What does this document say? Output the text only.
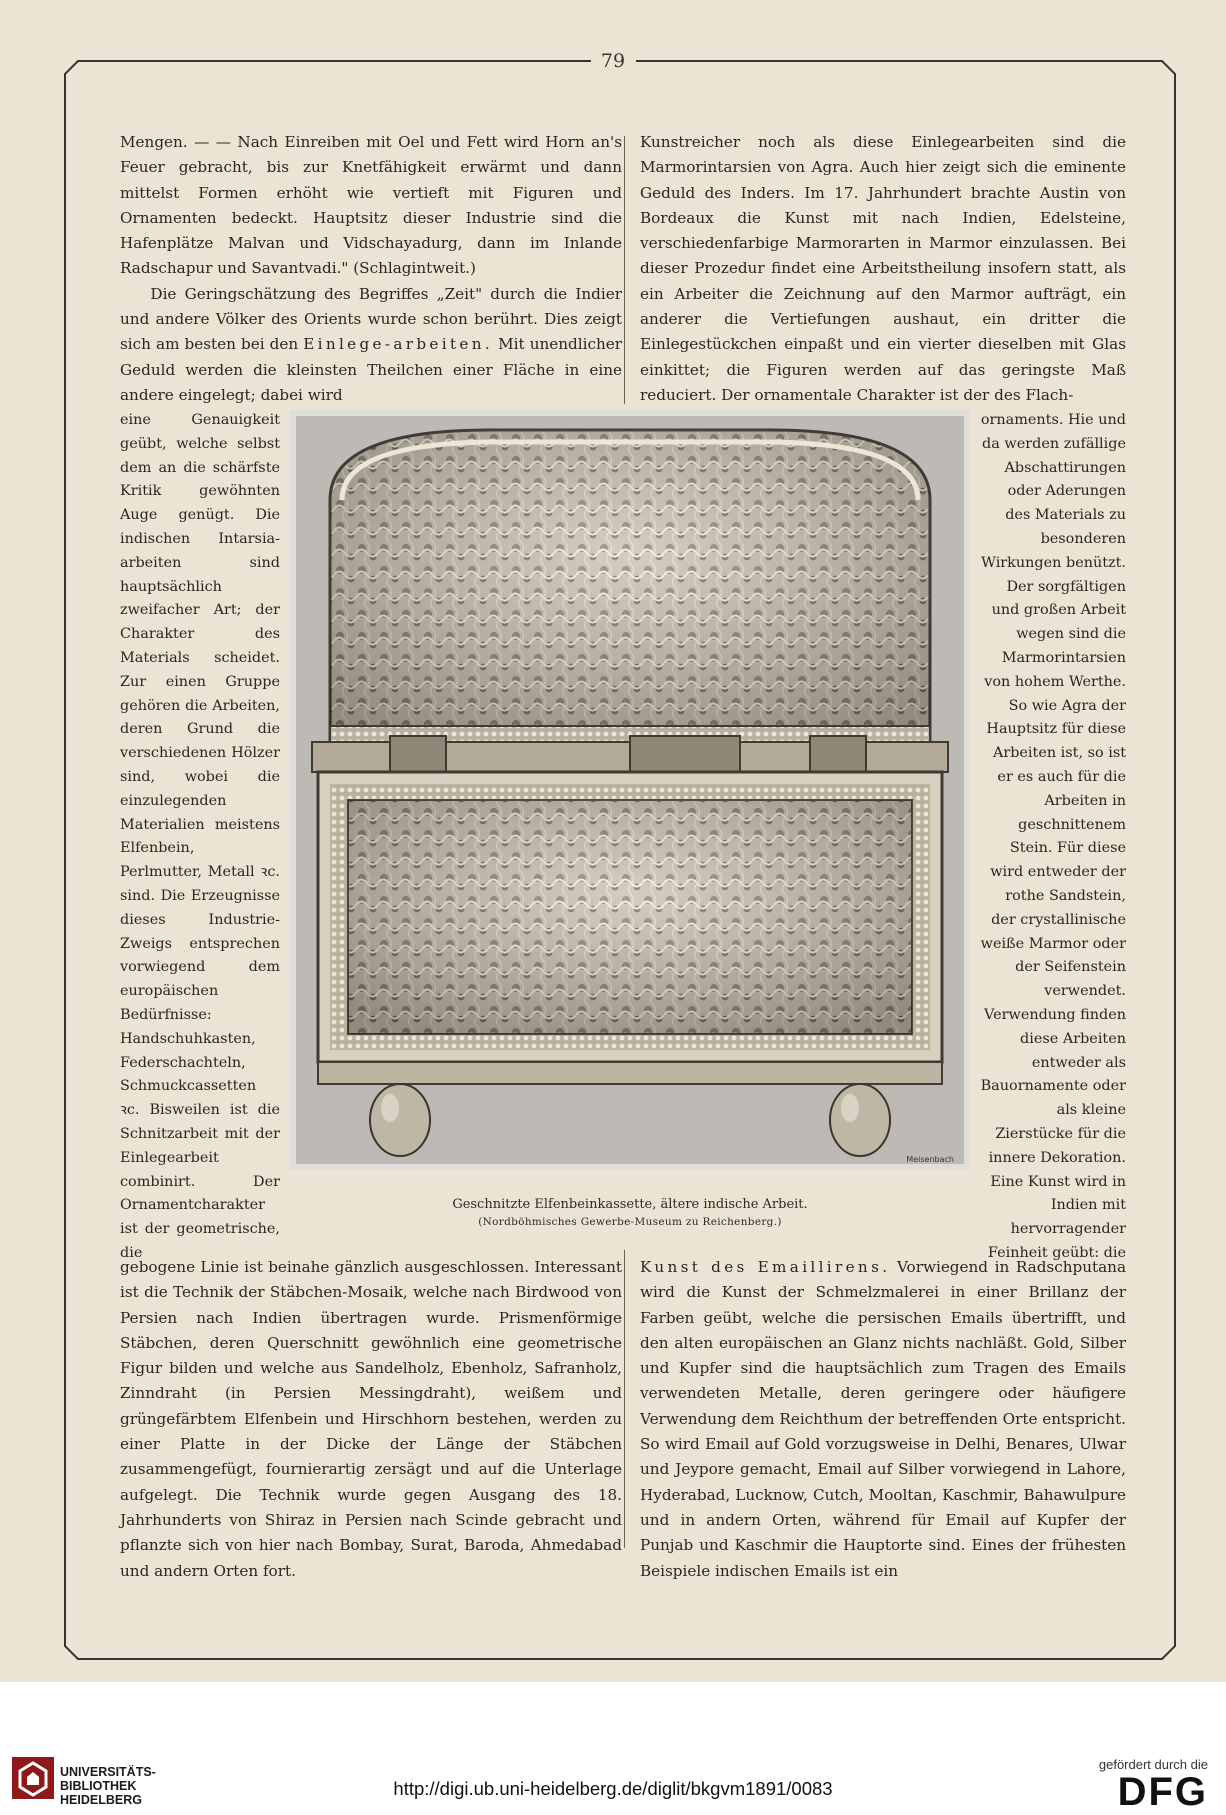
79

Mengen. — — Nach Einreiben mit Oel und Fett wird Horn an's Feuer gebracht, bis zur Knetfähigkeit erwärmt und dann mittelst Formen erhöht wie vertieft mit Figuren und Ornamenten bedeckt. Hauptsitz dieser Industrie sind die Hafenplätze Malvan und Vidschayadurg, dann im Inlande Radschapur und Savantvadi." (Schlagintweit.)

Die Geringschätzung des Begriffes „Zeit" durch die Indier und andere Völker des Orients wurde schon berührt. Dies zeigt sich am besten bei den Einlege-arbeiten. Mit unendlicher Geduld werden die kleinsten Theilchen einer Fläche in eine andere eingelegt; dabei wird

Kunstreicher noch als diese Einlegearbeiten sind die Marmorintarsien von Agra. Auch hier zeigt sich die eminente Geduld des Inders. Im 17. Jahrhundert brachte Austin von Bordeaux die Kunst mit nach Indien, Edelsteine, verschiedenfarbige Marmorarten in Marmor einzulassen. Bei dieser Prozedur findet eine Arbeitstheilung insofern statt, als ein Arbeiter die Zeichnung auf den Marmor aufträgt, ein anderer die Vertiefungen aushaut, ein dritter die Einlegestückchen einpaßt und ein vierter dieselben mit Glas einkittet; die Figuren werden auf das geringste Maß reduciert. Der ornamentale Charakter ist der des Flach-

eine Genauigkeit geübt, welche selbst dem an die schärfste Kritik gewöhnten Auge genügt. Die indischen Intarsia-arbeiten sind hauptsächlich zweifacher Art; der Charakter des Materials scheidet. Zur einen Gruppe gehören die Arbeiten, deren Grund die verschiedenen Hölzer sind, wobei die einzulegenden Materialien meistens Elfenbein, Perlmutter, Metall ꝛc. sind. Die Erzeugnisse dieses Industrie-Zweigs entsprechen vorwiegend dem europäischen Bedürfnisse: Handschuhkasten, Federschachteln, Schmuckcassetten ꝛc. Bisweilen ist die Schnitzarbeit mit der Einlegearbeit combinirt. Der Ornamentcharakter ist der geometrische, die

ornaments. Hie und da werden zufällige Abschattirungen oder Aderungen des Materials zu besonderen Wirkungen benützt. Der sorgfältigen und großen Arbeit wegen sind die Marmorintarsien von hohem Werthe. So wie Agra der Hauptsitz für diese Arbeiten ist, so ist er es auch für die Arbeiten in geschnittenem Stein. Für diese wird entweder der rothe Sandstein, der crystallinische weiße Marmor oder der Seifenstein verwendet. Verwendung finden diese Arbeiten entweder als Bauornamente oder als kleine Zierstücke für die innere Dekoration. Eine Kunst wird in Indien mit hervorragender Feinheit geübt: die

Meisenbach
Geschnitzte Elfenbeinkassette, ältere indische Arbeit.
(Nordböhmisches Gewerbe-Museum zu Reichenberg.)

gebogene Linie ist beinahe gänzlich ausgeschlossen. Interessant ist die Technik der Stäbchen-Mosaik, welche nach Birdwood von Persien nach Indien übertragen wurde. Prismenförmige Stäbchen, deren Querschnitt gewöhnlich eine geometrische Figur bilden und welche aus Sandelholz, Ebenholz, Safranholz, Zinndraht (in Persien Messingdraht), weißem und grüngefärbtem Elfenbein und Hirschhorn bestehen, werden zu einer Platte in der Dicke der Länge der Stäbchen zusammengefügt, fournierartig zersägt und auf die Unterlage aufgelegt. Die Technik wurde gegen Ausgang des 18. Jahrhunderts von Shiraz in Persien nach Scinde gebracht und pflanzte sich von hier nach Bombay, Surat, Baroda, Ahmedabad und andern Orten fort.

Kunst des Emaillirens. Vorwiegend in Radschputana wird die Kunst der Schmelzmalerei in einer Brillanz der Farben geübt, welche die persischen Emails übertrifft, und den alten europäischen an Glanz nichts nachläßt. Gold, Silber und Kupfer sind die hauptsächlich zum Tragen des Emails verwendeten Metalle, deren geringere oder häufigere Verwendung dem Reichthum der betreffenden Orte entspricht. So wird Email auf Gold vorzugsweise in Delhi, Benares, Ulwar und Jeypore gemacht, Email auf Silber vorwiegend in Lahore, Hyderabad, Lucknow, Cutch, Mooltan, Kaschmir, Bahawulpure und in andern Orten, während für Email auf Kupfer der Punjab und Kaschmir die Hauptorte sind. Eines der frühesten Beispiele indischen Emails ist ein

UNIVERSITÄTS-
BIBLIOTHEK
HEIDELBERG
http://digi.ub.uni-heidelberg.de/diglit/bkgvm1891/0083
gefördert durch die
DFG
